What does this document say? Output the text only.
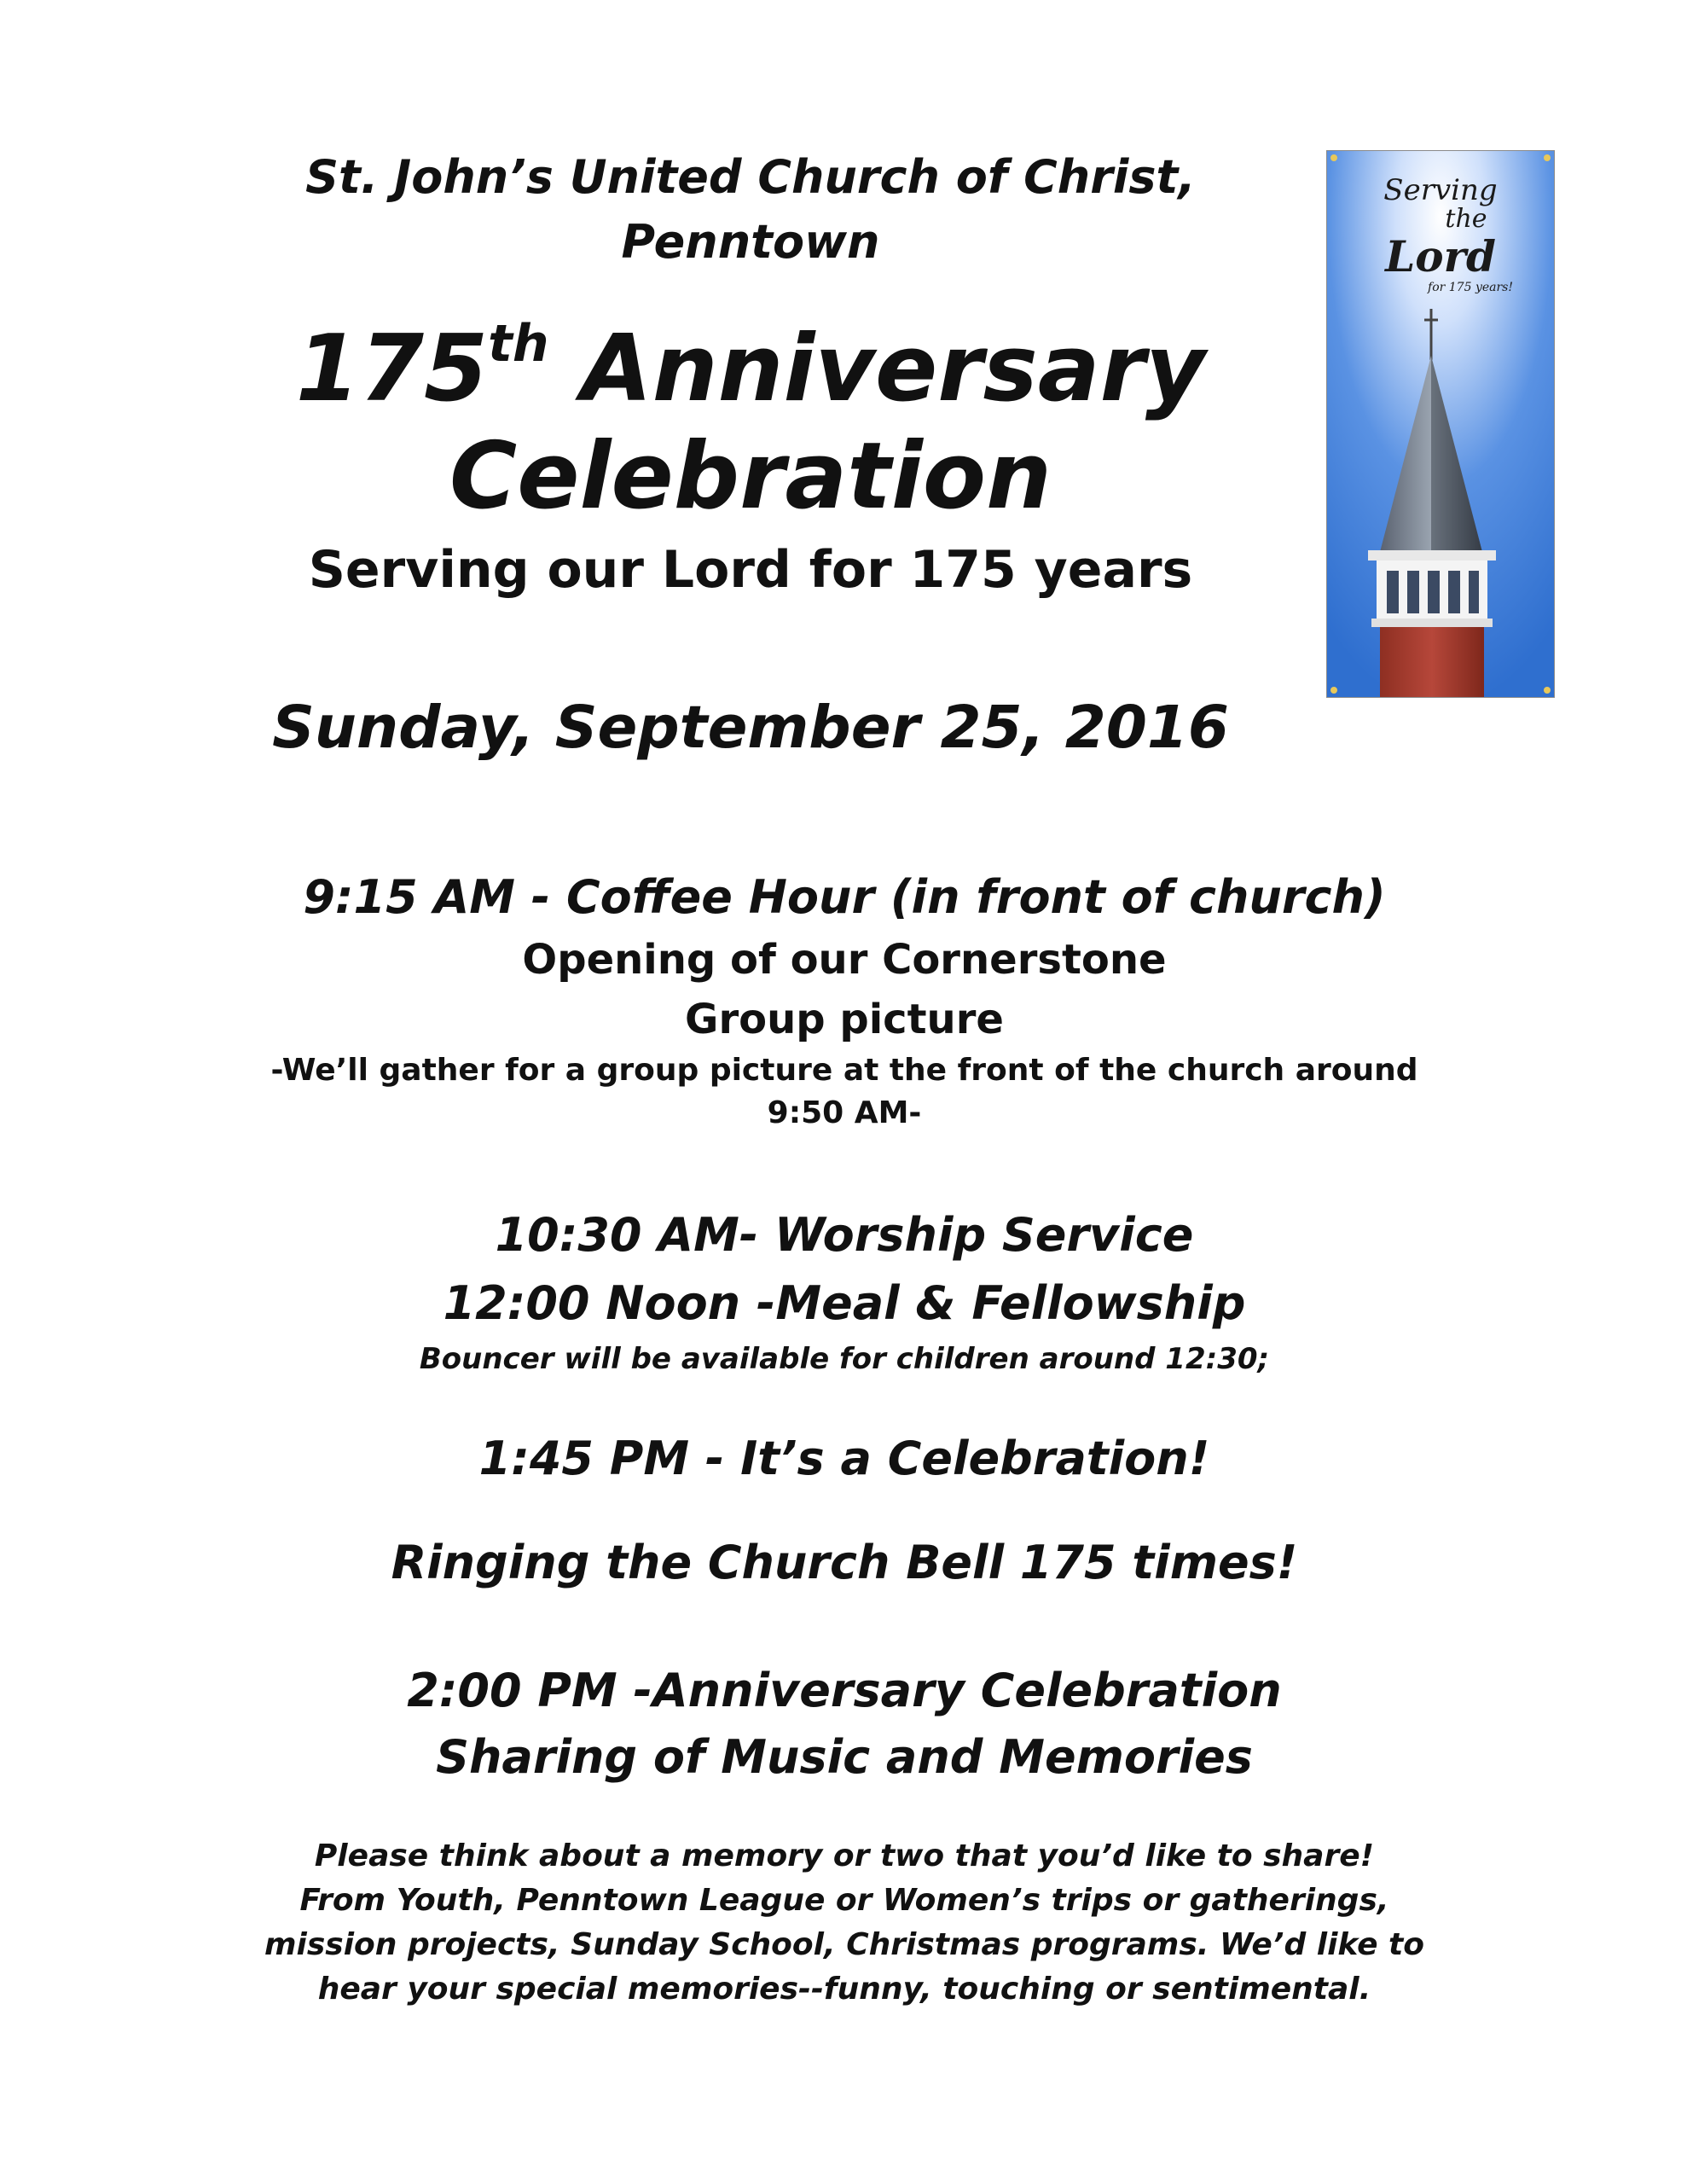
St. John’s United Church of Christ,
Penntown
175th Anniversary
Celebration
Serving our Lord for 175 years
Sunday, September 25, 2016
Serving
the
Lord
for 175 years!
9:15 AM - Coffee Hour (in front of church)
Opening of our Cornerstone
Group picture
-We’ll gather for a group picture at the front of the church around
9:50 AM-
10:30 AM- Worship Service
12:00 Noon -Meal & Fellowship
Bouncer will be available for children around 12:30;
1:45 PM - It’s a Celebration!
Ringing the Church Bell 175 times!
2:00 PM -Anniversary Celebration
Sharing of Music and Memories
Please think about a memory or two that you’d like to share!
From Youth, Penntown League or Women’s trips or gatherings,
mission projects, Sunday School, Christmas programs. We’d like to
hear your special memories--funny, touching or sentimental.
